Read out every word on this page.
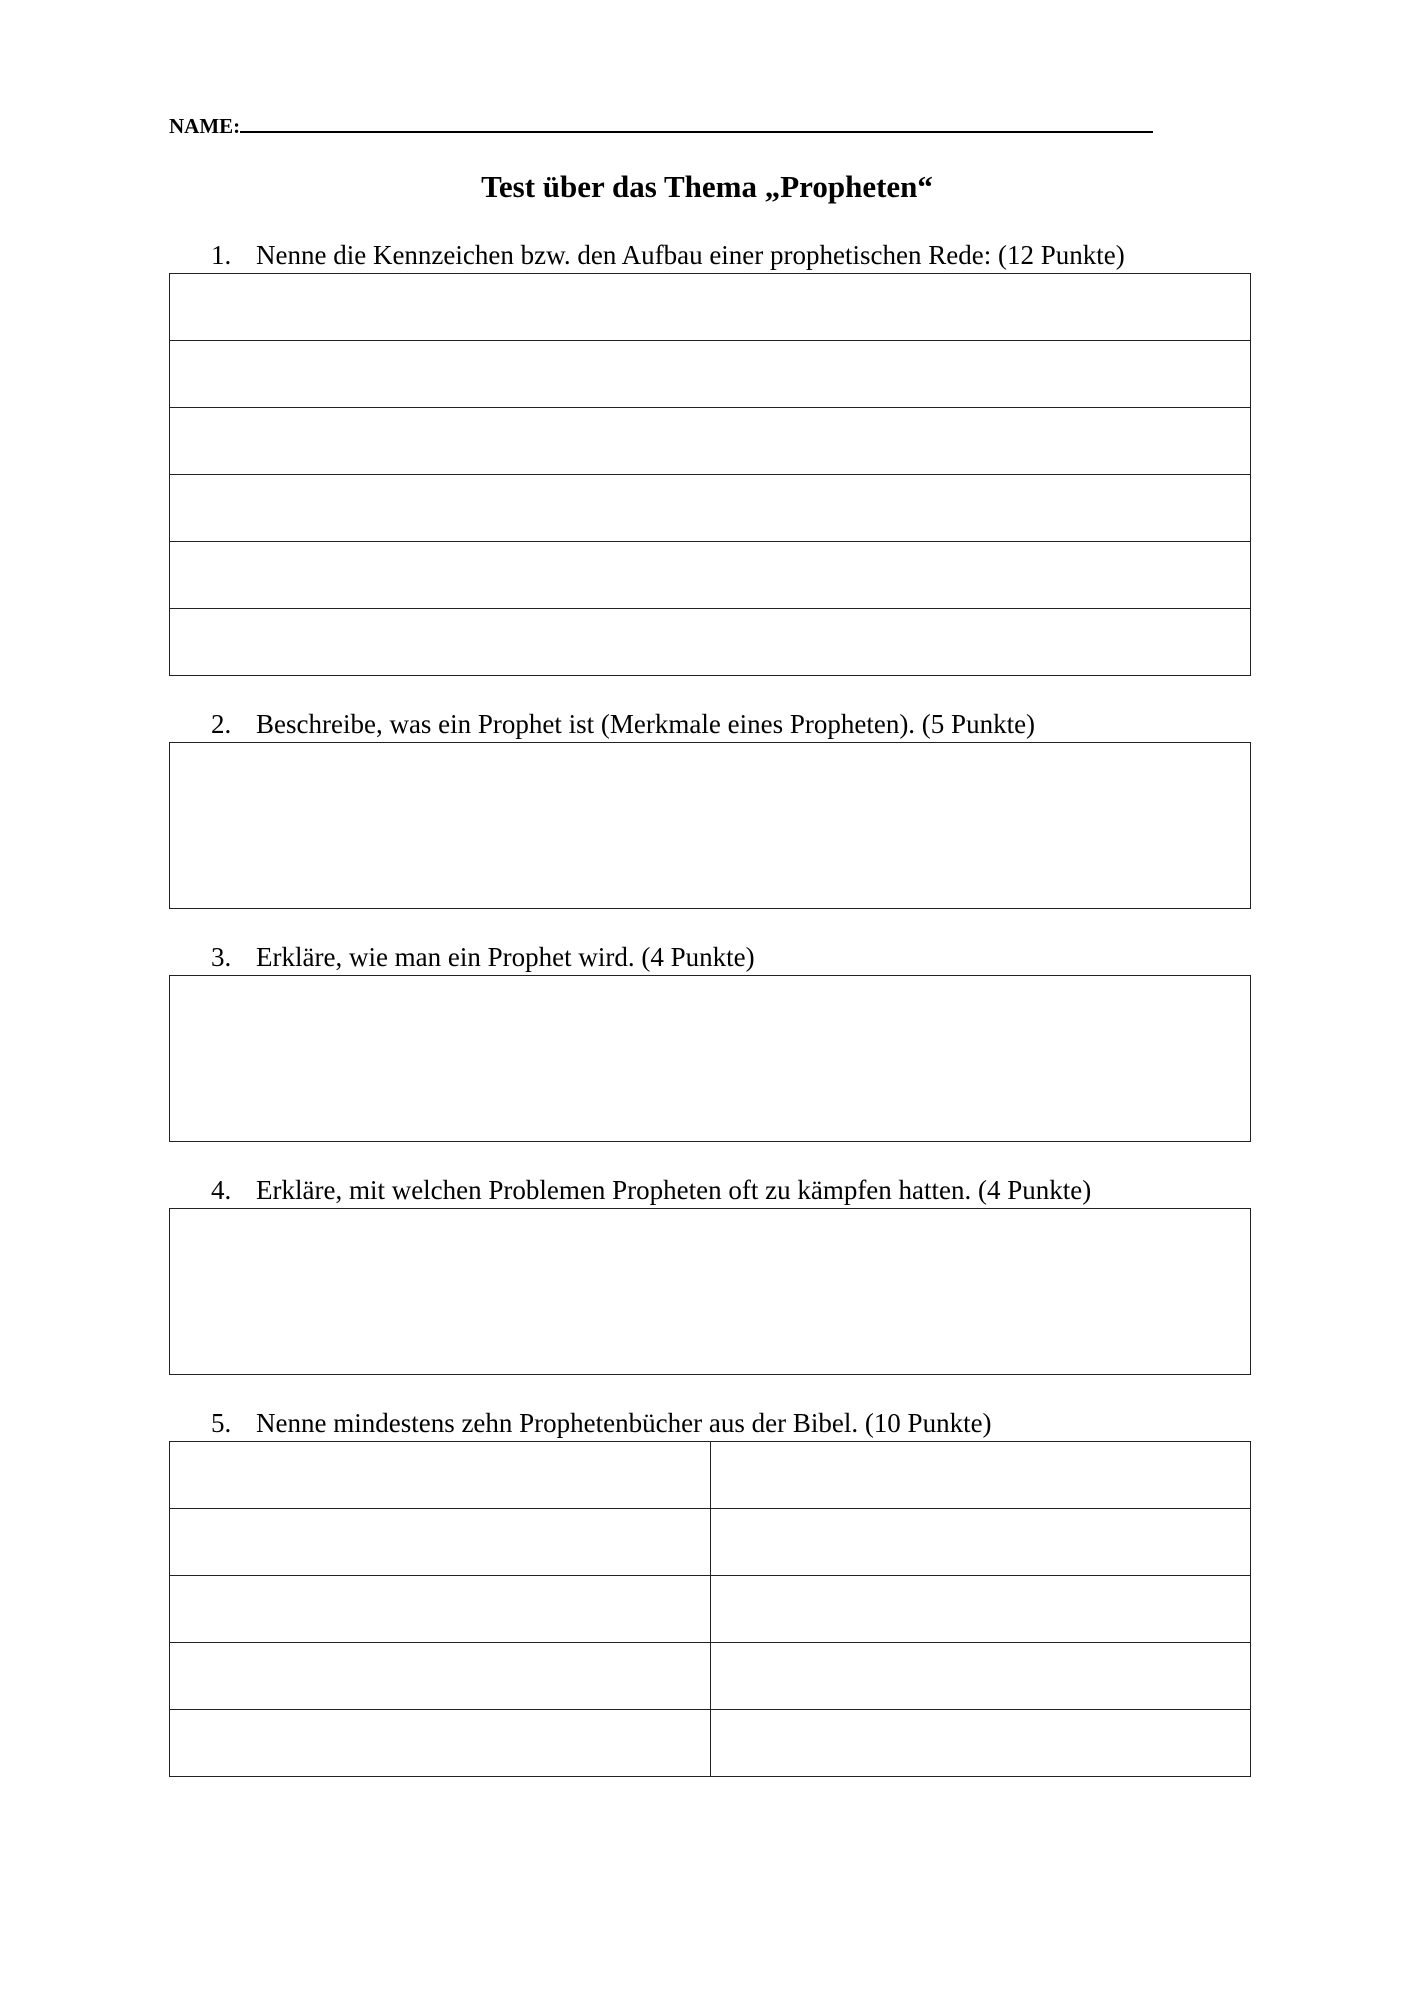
NAME:
Test über das Thema „Propheten“
1. Nenne die Kennzeichen bzw. den Aufbau einer prophetischen Rede: (12 Punkte)

2. Beschreibe, was ein Prophet ist (Merkmale eines Propheten). (5 Punkte)
3. Erkläre, wie man ein Prophet wird. (4 Punkte)
4. Erkläre, mit welchen Problemen Propheten oft zu kämpfen hatten. (4 Punkte)
5. Nenne mindestens zehn Prophetenbücher aus der Bibel. (10 Punkte)
